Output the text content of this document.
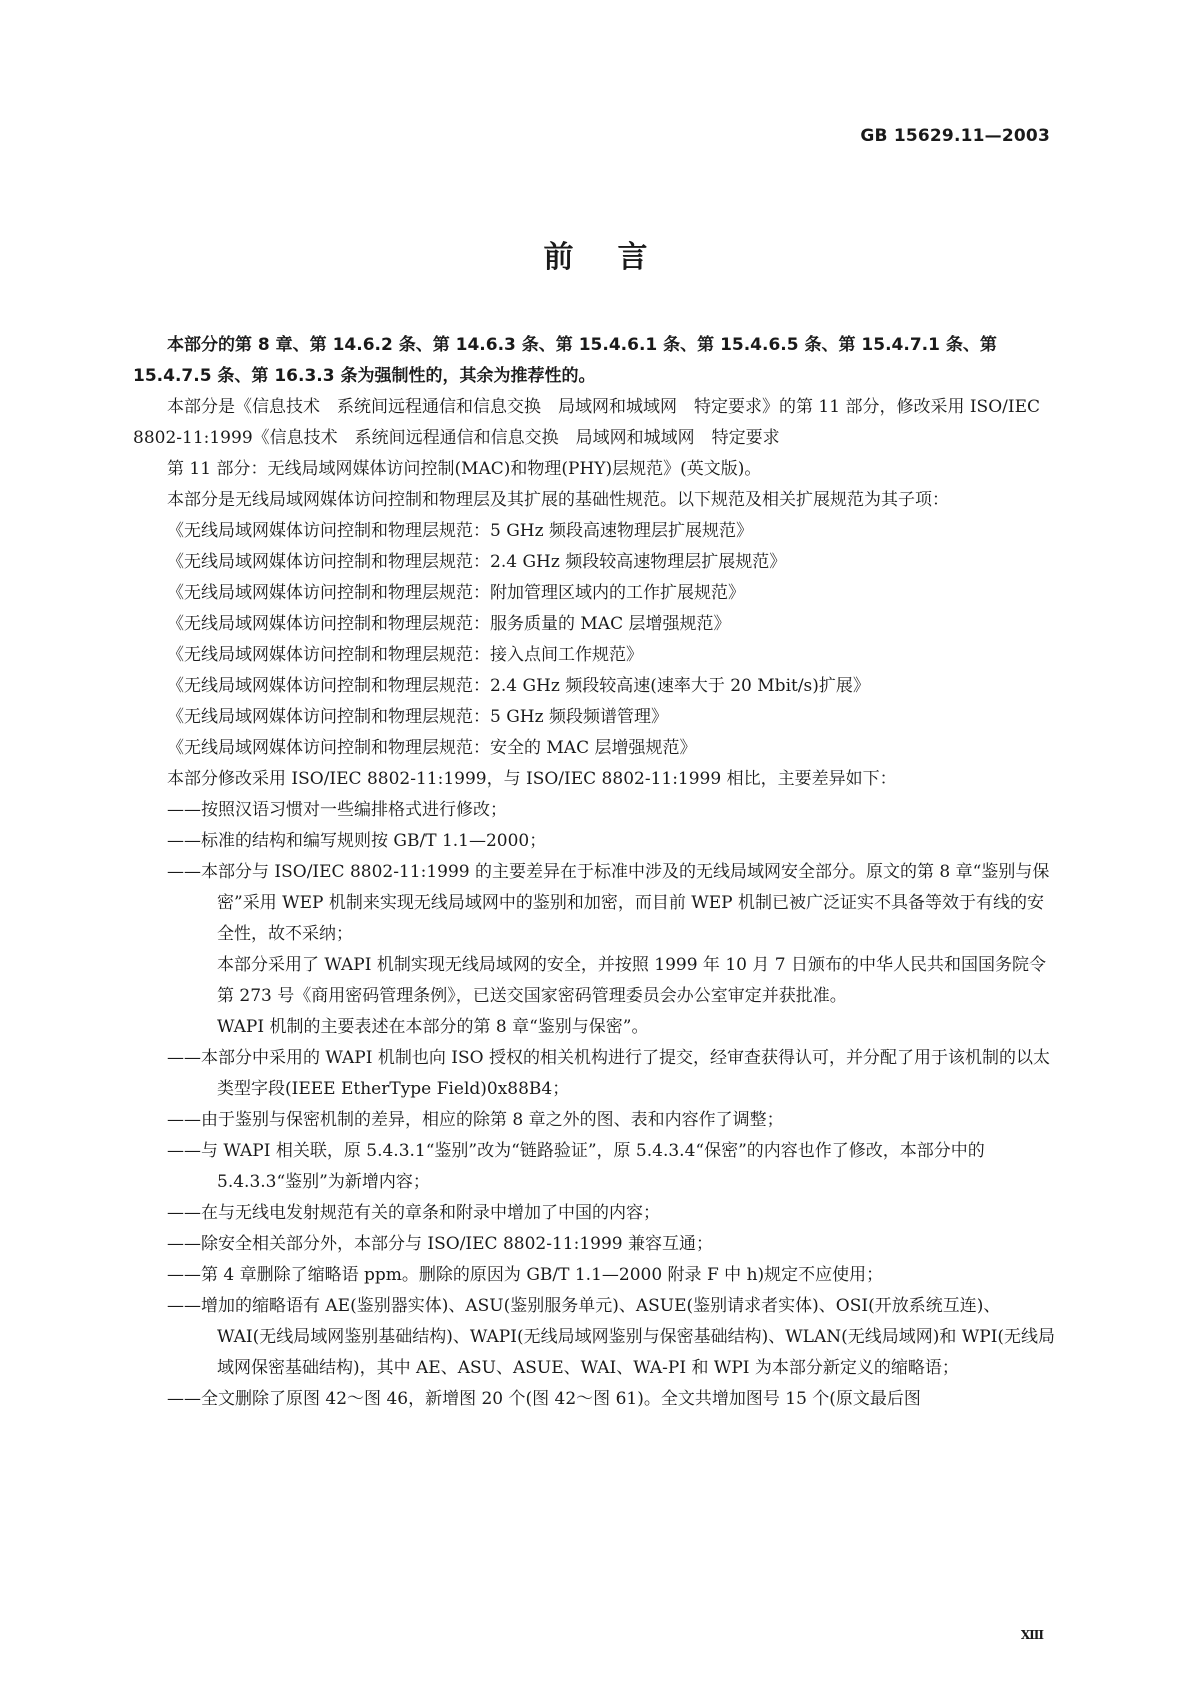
GB 15629.11—2003
前言

本部分的第 8 章、第 14.6.2 条、第 14.6.3 条、第 15.4.6.1 条、第 15.4.6.5 条、第 15.4.7.1 条、第 15.4.7.5 条、第 16.3.3 条为强制性的，其余为推荐性的。

本部分是《信息技术　系统间远程通信和信息交换　局域网和城域网　特定要求》的第 11 部分，修改采用 ISO/IEC 8802-11:1999《信息技术　系统间远程通信和信息交换　局域网和城域网　特定要求

第 11 部分：无线局域网媒体访问控制(MAC)和物理(PHY)层规范》(英文版)。

本部分是无线局域网媒体访问控制和物理层及其扩展的基础性规范。以下规范及相关扩展规范为其子项：

《无线局域网媒体访问控制和物理层规范：5 GHz 频段高速物理层扩展规范》

《无线局域网媒体访问控制和物理层规范：2.4 GHz 频段较高速物理层扩展规范》

《无线局域网媒体访问控制和物理层规范：附加管理区域内的工作扩展规范》

《无线局域网媒体访问控制和物理层规范：服务质量的 MAC 层增强规范》

《无线局域网媒体访问控制和物理层规范：接入点间工作规范》

《无线局域网媒体访问控制和物理层规范：2.4 GHz 频段较高速(速率大于 20 Mbit/s)扩展》

《无线局域网媒体访问控制和物理层规范：5 GHz 频段频谱管理》

《无线局域网媒体访问控制和物理层规范：安全的 MAC 层增强规范》

本部分修改采用 ISO/IEC 8802-11:1999，与 ISO/IEC 8802-11:1999 相比，主要差异如下：

——按照汉语习惯对一些编排格式进行修改；

——标准的结构和编写规则按 GB/T 1.1—2000；

——本部分与 ISO/IEC 8802-11:1999 的主要差异在于标准中涉及的无线局域网安全部分。原文的第 8 章“鉴别与保密”采用 WEP 机制来实现无线局域网中的鉴别和加密，而目前 WEP 机制已被广泛证实不具备等效于有线的安全性，故不采纳；

本部分采用了 WAPI 机制实现无线局域网的安全，并按照 1999 年 10 月 7 日颁布的中华人民共和国国务院令第 273 号《商用密码管理条例》，已送交国家密码管理委员会办公室审定并获批准。

WAPI 机制的主要表述在本部分的第 8 章“鉴别与保密”。

——本部分中采用的 WAPI 机制也向 ISO 授权的相关机构进行了提交，经审查获得认可，并分配了用于该机制的以太类型字段(IEEE EtherType Field)0x88B4；

——由于鉴别与保密机制的差异，相应的除第 8 章之外的图、表和内容作了调整；

——与 WAPI 相关联，原 5.4.3.1“鉴别”改为“链路验证”，原 5.4.3.4“保密”的内容也作了修改，本部分中的 5.4.3.3“鉴别”为新增内容；

——在与无线电发射规范有关的章条和附录中增加了中国的内容；

——除安全相关部分外，本部分与 ISO/IEC 8802-11:1999 兼容互通；

——第 4 章删除了缩略语 ppm。删除的原因为 GB/T 1.1—2000 附录 F 中 h)规定不应使用；

——增加的缩略语有 AE(鉴别器实体)、ASU(鉴别服务单元)、ASUE(鉴别请求者实体)、OSI(开放系统互连)、WAI(无线局域网鉴别基础结构)、WAPI(无线局域网鉴别与保密基础结构)、WLAN(无线局域网)和 WPI(无线局域网保密基础结构)，其中 AE、ASU、ASUE、WAI、WA-PI 和 WPI 为本部分新定义的缩略语；

——全文删除了原图 42～图 46，新增图 20 个(图 42～图 61)。全文共增加图号 15 个(原文最后图

XIII
